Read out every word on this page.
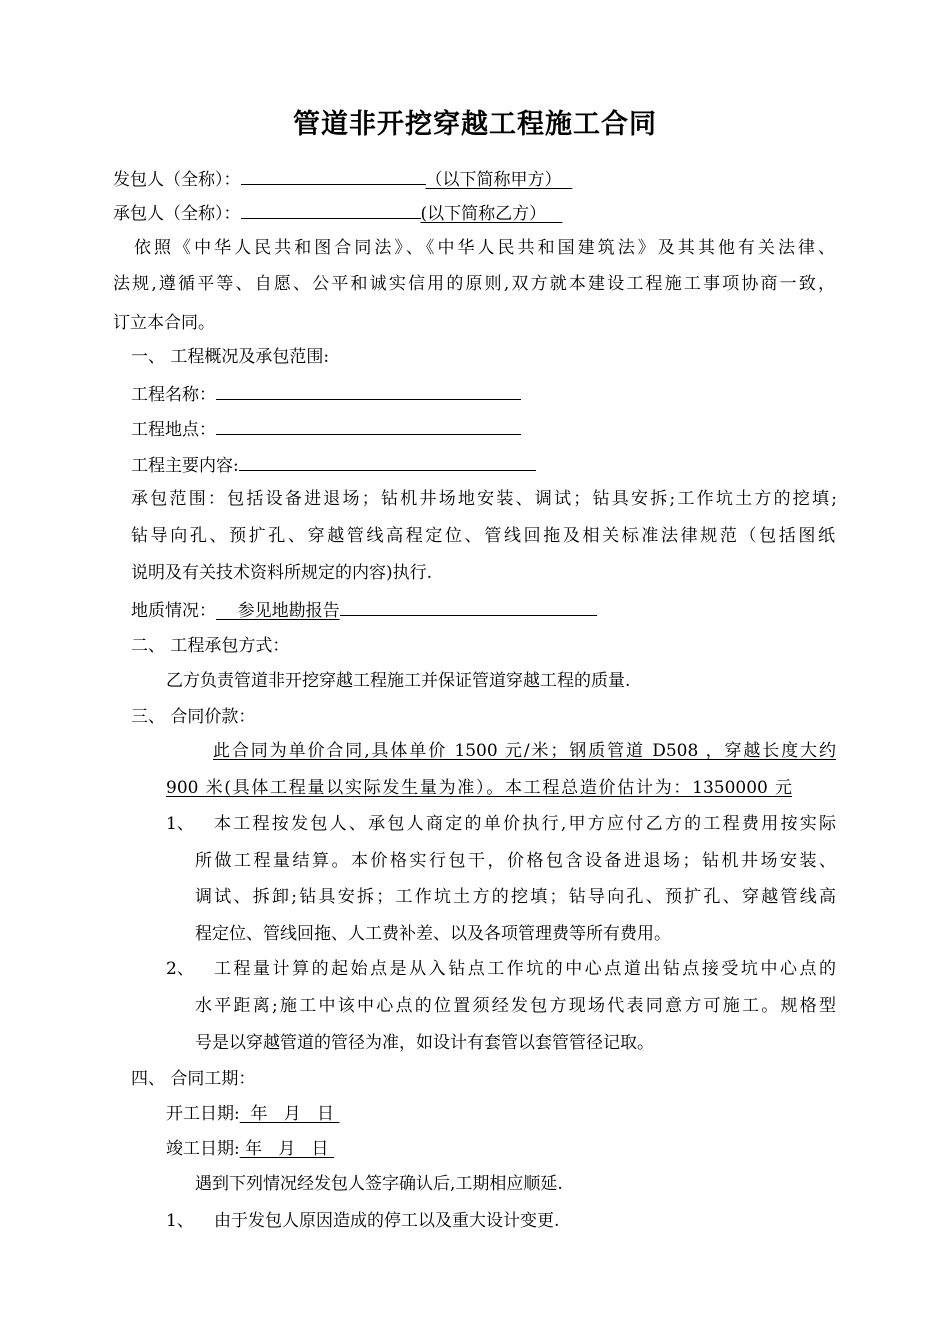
管道非开挖穿越工程施工合同
发包人（全称）：	（以下简称甲方）
承包人（全称）：	(以下简称乙方）
依照《中华人民共和图合同法》、《中华人民共和国建筑法》及其其他有关法律、
法规,遵循平等、自愿、公平和诚实信用的原则,双方就本建设工程施工事项协商一致，
订立本合同。
一、 工程概况及承包范围:
工程名称：
工程地点：
工程主要内容:
承包范围：包括设备进退场；钻机井场地安装、调试；钻具安拆;工作坑土方的挖填;
钻导向孔、预扩孔、穿越管线高程定位、管线回拖及相关标准法律规范（包括图纸
说明及有关技术资料所规定的内容)执行.
地质情况： 参见地勘报告
二、 工程承包方式：
乙方负责管道非开挖穿越工程施工并保证管道穿越工程的质量.
三、 合同价款：
此合同为单价合同,具体单价 1500 元/米；钢质管道 D508 ，穿越长度大约
900 米(具体工程量以实际发生量为准）。本工程总造价估计为：1350000 元
1、 本工程按发包人、承包人商定的单价执行,甲方应付乙方的工程费用按实际
所做工程量结算。本价格实行包干，价格包含设备进退场；钻机井场安装、
调试、拆卸;钻具安拆；工作坑土方的挖填；钻导向孔、预扩孔、穿越管线高
程定位、管线回拖、人工费补差、以及各项管理费等所有费用。
2、 工程量计算的起始点是从入钻点工作坑的中心点道出钻点接受坑中心点的
水平距离;施工中该中心点的位置须经发包方现场代表同意方可施工。规格型
号是以穿越管道的管径为准，如设计有套管以套管管径记取。
四、 合同工期：
开工日期:  年   月   日
竣工日期: 年   月   日
遇到下列情况经发包人签字确认后,工期相应顺延.
1、 由于发包人原因造成的停工以及重大设计变更.
